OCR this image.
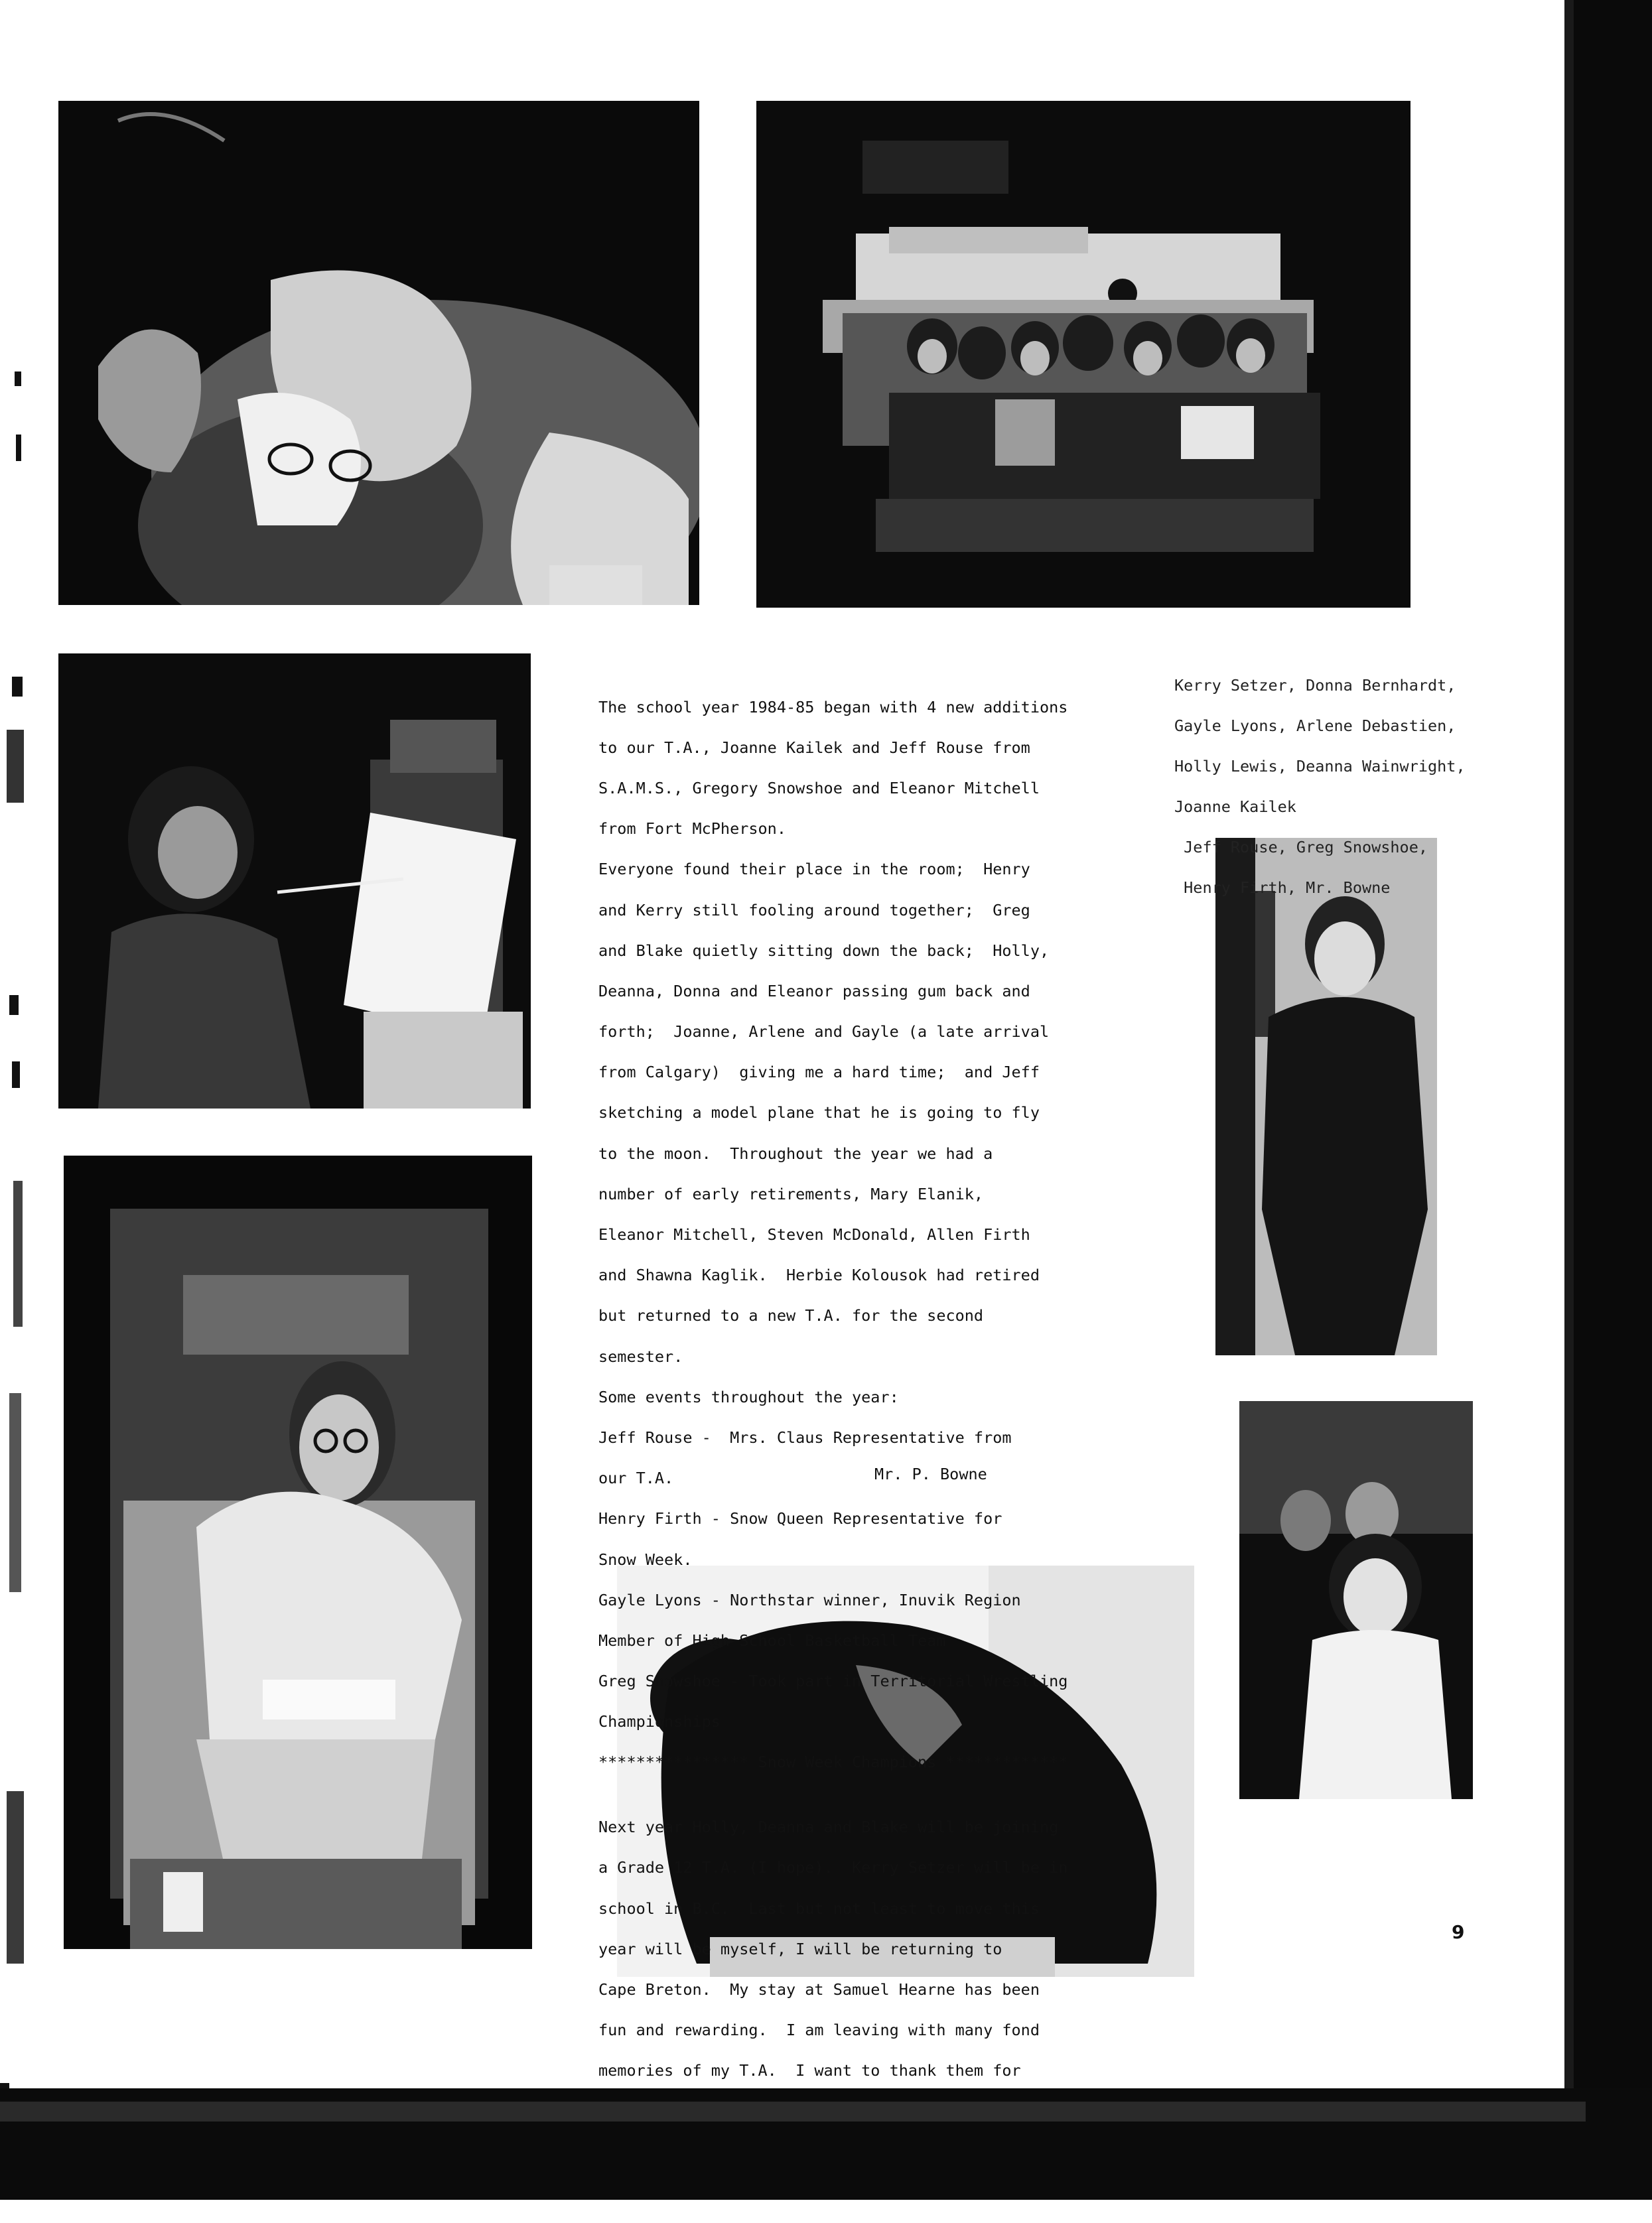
The school year 1984-85 began with 4 new additions

to our T.A., Joanne Kailek and Jeff Rouse from

S.A.M.S., Gregory Snowshoe and Eleanor Mitchell

from Fort McPherson.

Everyone found their place in the room;  Henry

and Kerry still fooling around together;  Greg

and Blake quietly sitting down the back;  Holly,

Deanna, Donna and Eleanor passing gum back and

forth;  Joanne, Arlene and Gayle (a late arrival

from Calgary)  giving me a hard time;  and Jeff

sketching a model plane that he is going to fly

to the moon.  Throughout the year we had a

number of early retirements, Mary Elanik,

Eleanor Mitchell, Steven McDonald, Allen Firth

and Shawna Kaglik.  Herbie Kolousok had retired

but returned to a new T.A. for the second

semester.

Some events throughout the year:

Jeff Rouse -  Mrs. Claus Representative from

our T.A.

Henry Firth - Snow Queen Representative for

Snow Week.

Gayle Lyons - Northstar winner, Inuvik Region

Member of High School Basketball Team

Greg Snowshoe - Took part in Territorial Wrestling

Championships

**************** Snow Week Champions *************

Next year Holly, Deanna and Blake will be joining

a Grade 12 T.A. (I hope).  Kerry Setzer will be in

school in B.C.  Last but not least to move this

year will be myself, I will be returning to

Cape Breton.  My stay at Samuel Hearne has been

fun and rewarding.  I am leaving with many fond

memories of my T.A.  I want to thank them for

Mr. P. Bowne

Kerry Setzer, Donna Bernhardt,

Gayle Lyons, Arlene Debastien,

Holly Lewis, Deanna Wainwright,

Joanne Kailek

Jeff Rouse, Greg Snowshoe,

Henry Firth, Mr. Bowne

9
